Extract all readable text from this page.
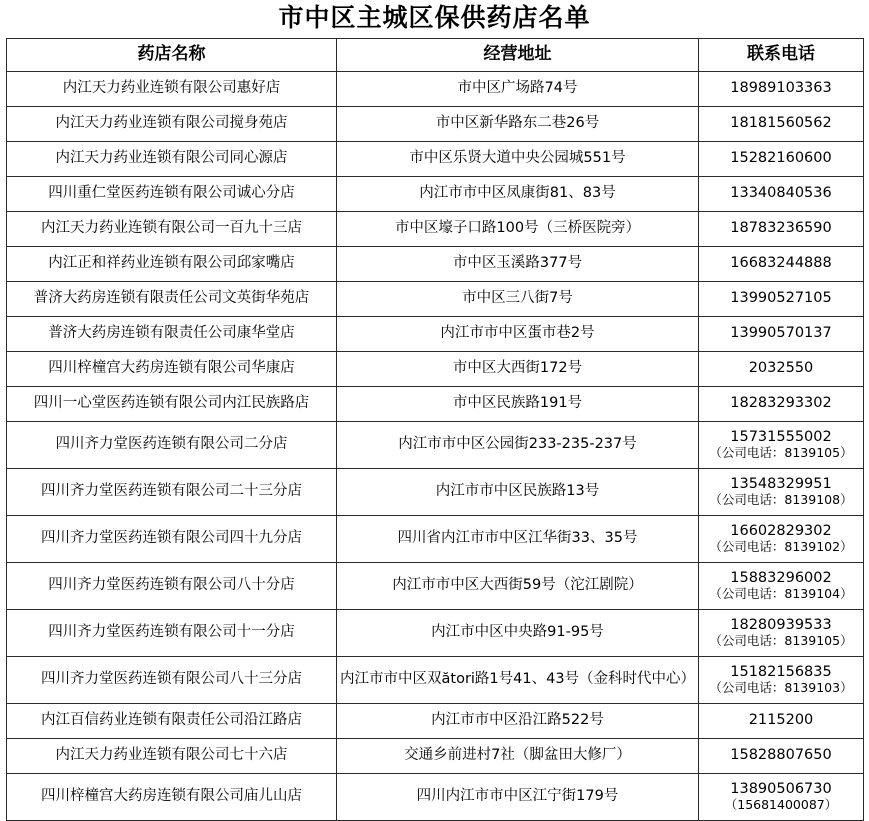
市中区主城区保供药店名单
药店名称	经营地址	联系电话
内江天力药业连锁有限公司惠好店	市中区广场路74号	18989103363

内江天力药业连锁有限公司搅身苑店	市中区新华路东二巷26号	18181560562

内江天力药业连锁有限公司同心源店	市中区乐贤大道中央公园城551号	15282160600

四川重仁堂医药连锁有限公司诚心分店	内江市市中区凤康街81、83号	13340840536

内江天力药业连锁有限公司一百九十三店	市中区壕子口路100号（三桥医院旁）	18783236590

内江正和祥药业连锁有限公司邱家嘴店	市中区玉溪路377号	16683244888

普济大药房连锁有限责任公司文英街华苑店	市中区三八街7号	13990527105

普济大药房连锁有限责任公司康华堂店	内江市市中区蛋市巷2号	13990570137

四川梓橦宫大药房连锁有限公司华康店	市中区大西街172号	2032550

四川一心堂医药连锁有限公司内江民族路店	市中区民族路191号	18283293302

四川齐力堂医药连锁有限公司二分店	内江市市中区公园街233-235-237号	15731555002
（公司电话：8139105）

四川齐力堂医药连锁有限公司二十三分店	内江市市中区民族路13号	13548329951
（公司电话：8139108）

四川齐力堂医药连锁有限公司四十九分店	四川省内江市市中区江华街33、35号	16602829302
（公司电话：8139102）

四川齐力堂医药连锁有限公司八十分店	内江市市中区大西街59号（沱江剧院）	15883296002
（公司电话：8139104）

四川齐力堂医药连锁有限公司十一分店	内江市中区中央路91-95号	18280939533
（公司电话：8139105）

四川齐力堂医药连锁有限公司八十三分店	内江市市中区双ători路1号41、43号（金科时代中心）	15182156835
（公司电话：8139103）

内江百信药业连锁有限责任公司沿江路店	内江市市中区沿江路522号	2115200

内江天力药业连锁有限公司七十六店	交通乡前进村7社（脚盆田大修厂）	15828807650

四川梓橦宫大药房连锁有限公司庙儿山店	四川内江市市中区江宁街179号	13890506730
（15681400087）
